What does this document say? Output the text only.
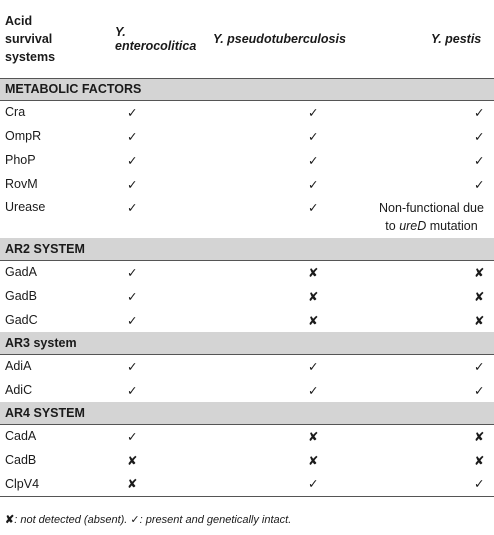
Acid
survival
systems	Y. enterocolitica	Y. pseudotuberculosis	Y. pestis
METABOLIC FACTORS			
Cra	✓	✓	✓
OmpR	✓	✓	✓
PhoP	✓	✓	✓
RovM	✓	✓	✓
Urease	✓	✓	Non-functional due
to ureD mutation

AR2 SYSTEM			
GadA	✓	✘	✘
GadB	✓	✘	✘
GadC	✓	✘	✘
AR3 system			
AdiA	✓	✓	✓
AdiC	✓	✓	✓
AR4 SYSTEM			
CadA	✓	✘	✘
CadB	✘	✘	✘
ClpV4	✘	✓	✓
✘: not detected (absent). ✓: present and genetically intact.
